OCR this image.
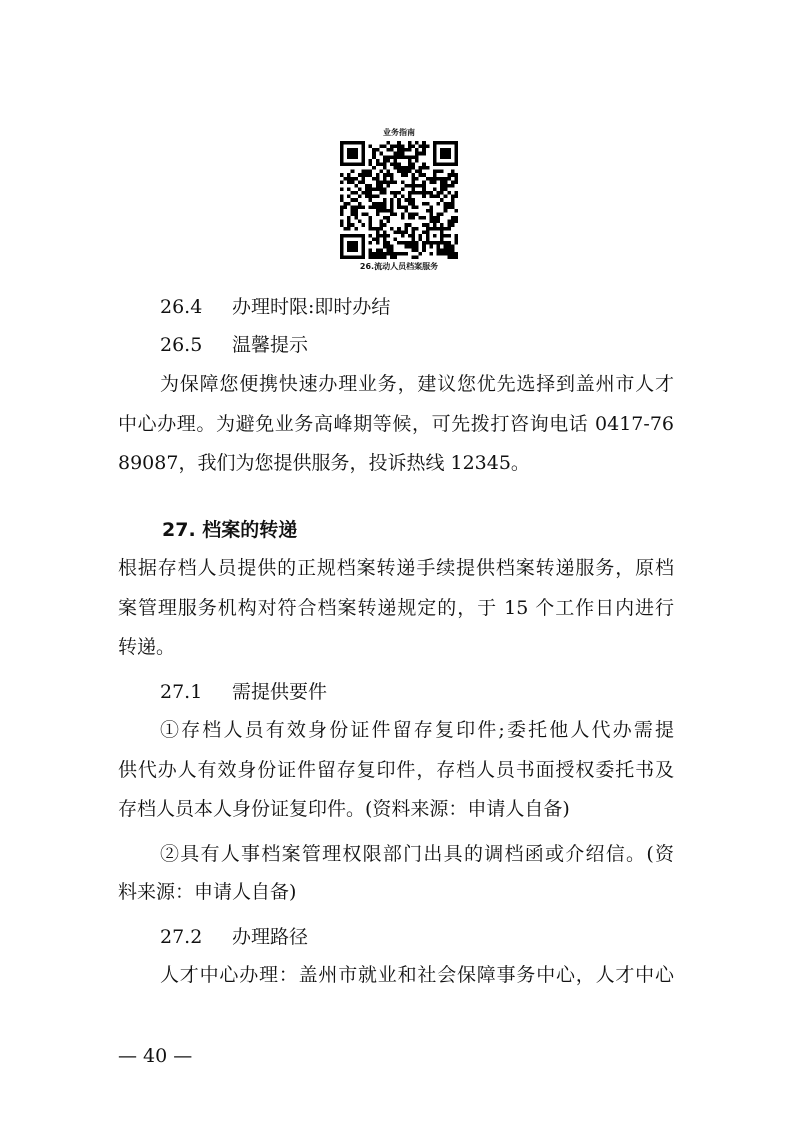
业务指南
26.流动人员档案服务
26.4 办理时限:即时办结
26.5 温馨提示
为保障您便携快速办理业务，建议您优先选择到盖州市人才
中心办理。为避免业务高峰期等候，可先拨打咨询电话 0417-76
89087，我们为您提供服务，投诉热线 12345。
27. 档案的转递
根据存档人员提供的正规档案转递手续提供档案转递服务，原档
案管理服务机构对符合档案转递规定的，于 15 个工作日内进行
转递。
27.1 需提供要件
①存档人员有效身份证件留存复印件;委托他人代办需提
供代办人有效身份证件留存复印件，存档人员书面授权委托书及
存档人员本人身份证复印件。(资料来源：申请人自备)
②具有人事档案管理权限部门出具的调档函或介绍信。(资
料来源：申请人自备)
27.2 办理路径
人才中心办理：盖州市就业和社会保障事务中心，人才中心
— 40 —
